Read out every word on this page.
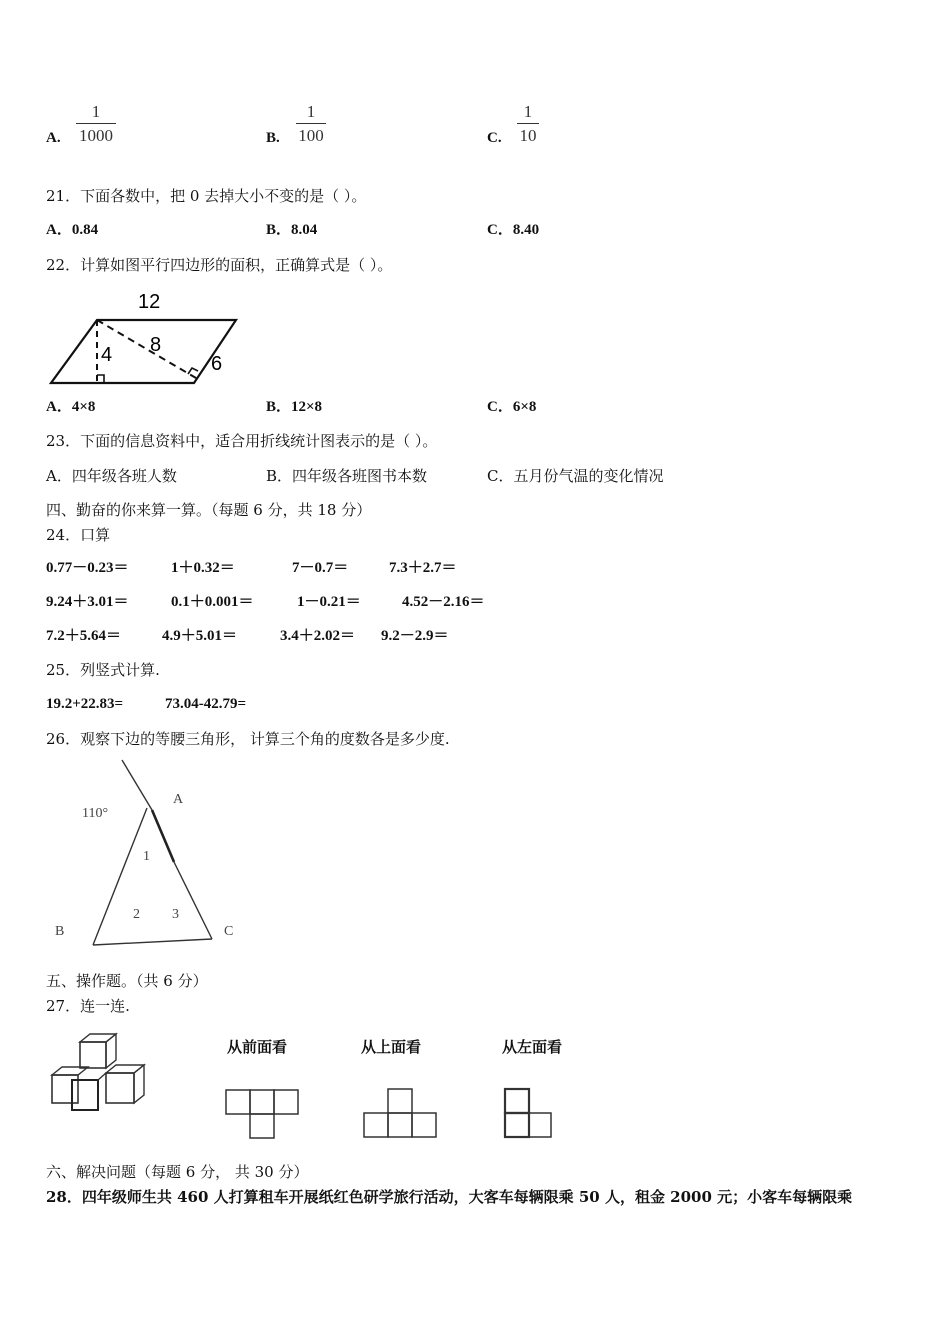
A.
1
1000	B.
1
100	C.
1
10
21．下面各数中，把 0 去掉大小不变的是（ ）。
A．0.84	B．8.04	C．8.40
22．计算如图平行四边形的面积，正确算式是（ ）。
12
8
4	6
A．4×8	B．12×8	C．6×8
23．下面的信息资料中，适合用折线统计图表示的是（ ）。
A．四年级各班人数	B．四年级各班图书本数	C．五月份气温的变化情况
四、勤奋的你来算一算。（每题 6 分，共 18 分）
24．口算
0.77－0.23＝	1＋0.32＝	7－0.7＝	7.3＋2.7＝
9.24＋3.01＝	0.1＋0.001＝	1－0.21＝	4.52－2.16＝
7.2＋5.64＝	4.9＋5.01＝	3.4＋2.02＝ 9.2－2.9＝
25．列竖式计算.
19.2+22.83=	73.04-42.79=
26．观察下边的等腰三角形， 计算三个角的度数各是多少度.
110°
A
B	C
1
2 3
五、操作题。（共 6 分）
27．连一连.
从前面看	从上面看	从左面看
六、解决问题（每题 6 分， 共 30 分）
28．四年级师生共 460 人打算租车开展纸红色研学旅行活动，大客车每辆限乘 50 人，租金 2000 元；小客车每辆限乘
